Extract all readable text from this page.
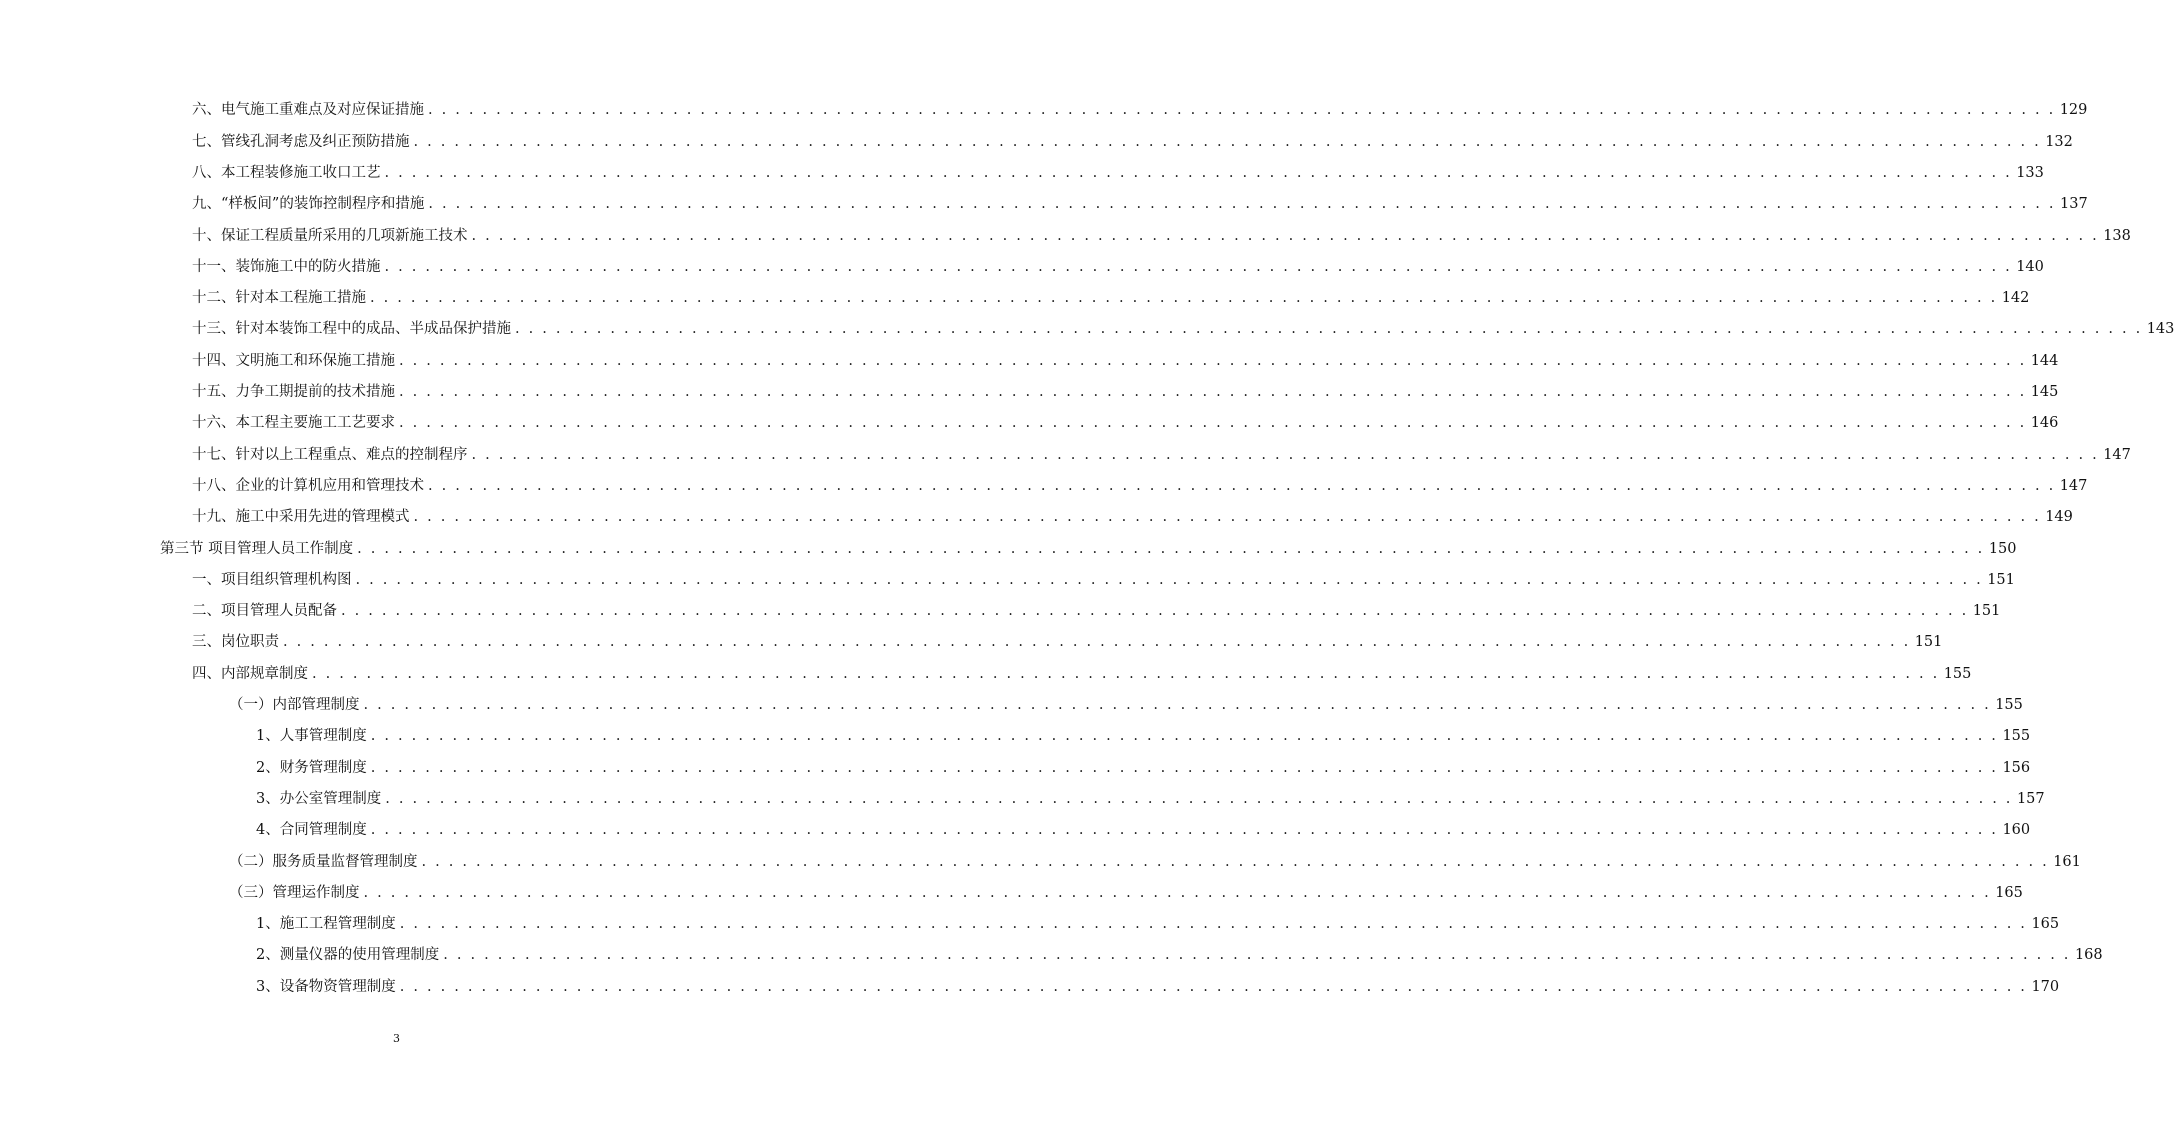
六、电气施工重难点及对应保证措施 . . . . . . . . . . . . . . . . . . . . . . . . . . . . . . . . . . . . . . . . . . . . . . . . . . . . . . . . . . . . . . . . . . . . . . . . . . . . . . . . . . . . . . . . . . . . . . . . . . . . . . . . . . . . . . . . . . . . . . . . 129
七、管线孔洞考虑及纠正预防措施 . . . . . . . . . . . . . . . . . . . . . . . . . . . . . . . . . . . . . . . . . . . . . . . . . . . . . . . . . . . . . . . . . . . . . . . . . . . . . . . . . . . . . . . . . . . . . . . . . . . . . . . . . . . . . . . . . . . . . . . . 132
八、本工程装修施工收口工艺 . . . . . . . . . . . . . . . . . . . . . . . . . . . . . . . . . . . . . . . . . . . . . . . . . . . . . . . . . . . . . . . . . . . . . . . . . . . . . . . . . . . . . . . . . . . . . . . . . . . . . . . . . . . . . . . . . . . . . . . . 133
九、“样板间”的装饰控制程序和措施 . . . . . . . . . . . . . . . . . . . . . . . . . . . . . . . . . . . . . . . . . . . . . . . . . . . . . . . . . . . . . . . . . . . . . . . . . . . . . . . . . . . . . . . . . . . . . . . . . . . . . . . . . . . . . . . . . . . . . . . . 137
十、保证工程质量所采用的几项新施工技术 . . . . . . . . . . . . . . . . . . . . . . . . . . . . . . . . . . . . . . . . . . . . . . . . . . . . . . . . . . . . . . . . . . . . . . . . . . . . . . . . . . . . . . . . . . . . . . . . . . . . . . . . . . . . . . . . . . . . . . . . 138
十一、装饰施工中的防火措施 . . . . . . . . . . . . . . . . . . . . . . . . . . . . . . . . . . . . . . . . . . . . . . . . . . . . . . . . . . . . . . . . . . . . . . . . . . . . . . . . . . . . . . . . . . . . . . . . . . . . . . . . . . . . . . . . . . . . . . . . 140
十二、针对本工程施工措施 . . . . . . . . . . . . . . . . . . . . . . . . . . . . . . . . . . . . . . . . . . . . . . . . . . . . . . . . . . . . . . . . . . . . . . . . . . . . . . . . . . . . . . . . . . . . . . . . . . . . . . . . . . . . . . . . . . . . . . . . 142
十三、针对本装饰工程中的成品、半成品保护措施 . . . . . . . . . . . . . . . . . . . . . . . . . . . . . . . . . . . . . . . . . . . . . . . . . . . . . . . . . . . . . . . . . . . . . . . . . . . . . . . . . . . . . . . . . . . . . . . . . . . . . . . . . . . . . . . . . . . . . . . . 143
十四、文明施工和环保施工措施 . . . . . . . . . . . . . . . . . . . . . . . . . . . . . . . . . . . . . . . . . . . . . . . . . . . . . . . . . . . . . . . . . . . . . . . . . . . . . . . . . . . . . . . . . . . . . . . . . . . . . . . . . . . . . . . . . . . . . . . . 144
十五、力争工期提前的技术措施 . . . . . . . . . . . . . . . . . . . . . . . . . . . . . . . . . . . . . . . . . . . . . . . . . . . . . . . . . . . . . . . . . . . . . . . . . . . . . . . . . . . . . . . . . . . . . . . . . . . . . . . . . . . . . . . . . . . . . . . . 145
十六、本工程主要施工工艺要求 . . . . . . . . . . . . . . . . . . . . . . . . . . . . . . . . . . . . . . . . . . . . . . . . . . . . . . . . . . . . . . . . . . . . . . . . . . . . . . . . . . . . . . . . . . . . . . . . . . . . . . . . . . . . . . . . . . . . . . . . 146
十七、针对以上工程重点、难点的控制程序 . . . . . . . . . . . . . . . . . . . . . . . . . . . . . . . . . . . . . . . . . . . . . . . . . . . . . . . . . . . . . . . . . . . . . . . . . . . . . . . . . . . . . . . . . . . . . . . . . . . . . . . . . . . . . . . . . . . . . . . . 147
十八、企业的计算机应用和管理技术 . . . . . . . . . . . . . . . . . . . . . . . . . . . . . . . . . . . . . . . . . . . . . . . . . . . . . . . . . . . . . . . . . . . . . . . . . . . . . . . . . . . . . . . . . . . . . . . . . . . . . . . . . . . . . . . . . . . . . . . . 147
十九、施工中采用先进的管理模式 . . . . . . . . . . . . . . . . . . . . . . . . . . . . . . . . . . . . . . . . . . . . . . . . . . . . . . . . . . . . . . . . . . . . . . . . . . . . . . . . . . . . . . . . . . . . . . . . . . . . . . . . . . . . . . . . . . . . . . . . 149
第三节 项目管理人员工作制度 . . . . . . . . . . . . . . . . . . . . . . . . . . . . . . . . . . . . . . . . . . . . . . . . . . . . . . . . . . . . . . . . . . . . . . . . . . . . . . . . . . . . . . . . . . . . . . . . . . . . . . . . . . . . . . . . . . . . . . . . 150
一、项目组织管理机构图 . . . . . . . . . . . . . . . . . . . . . . . . . . . . . . . . . . . . . . . . . . . . . . . . . . . . . . . . . . . . . . . . . . . . . . . . . . . . . . . . . . . . . . . . . . . . . . . . . . . . . . . . . . . . . . . . . . . . . . . . 151
二、项目管理人员配备 . . . . . . . . . . . . . . . . . . . . . . . . . . . . . . . . . . . . . . . . . . . . . . . . . . . . . . . . . . . . . . . . . . . . . . . . . . . . . . . . . . . . . . . . . . . . . . . . . . . . . . . . . . . . . . . . . . . . . . . . 151
三、岗位职责 . . . . . . . . . . . . . . . . . . . . . . . . . . . . . . . . . . . . . . . . . . . . . . . . . . . . . . . . . . . . . . . . . . . . . . . . . . . . . . . . . . . . . . . . . . . . . . . . . . . . . . . . . . . . . . . . . . . . . . . . 151
四、内部规章制度 . . . . . . . . . . . . . . . . . . . . . . . . . . . . . . . . . . . . . . . . . . . . . . . . . . . . . . . . . . . . . . . . . . . . . . . . . . . . . . . . . . . . . . . . . . . . . . . . . . . . . . . . . . . . . . . . . . . . . . . . 155
（一）内部管理制度 . . . . . . . . . . . . . . . . . . . . . . . . . . . . . . . . . . . . . . . . . . . . . . . . . . . . . . . . . . . . . . . . . . . . . . . . . . . . . . . . . . . . . . . . . . . . . . . . . . . . . . . . . . . . . . . . . . . . . . . . 155
1、人事管理制度 . . . . . . . . . . . . . . . . . . . . . . . . . . . . . . . . . . . . . . . . . . . . . . . . . . . . . . . . . . . . . . . . . . . . . . . . . . . . . . . . . . . . . . . . . . . . . . . . . . . . . . . . . . . . . . . . . . . . . . . . 155
2、财务管理制度 . . . . . . . . . . . . . . . . . . . . . . . . . . . . . . . . . . . . . . . . . . . . . . . . . . . . . . . . . . . . . . . . . . . . . . . . . . . . . . . . . . . . . . . . . . . . . . . . . . . . . . . . . . . . . . . . . . . . . . . . 156
3、办公室管理制度 . . . . . . . . . . . . . . . . . . . . . . . . . . . . . . . . . . . . . . . . . . . . . . . . . . . . . . . . . . . . . . . . . . . . . . . . . . . . . . . . . . . . . . . . . . . . . . . . . . . . . . . . . . . . . . . . . . . . . . . . 157
4、合同管理制度 . . . . . . . . . . . . . . . . . . . . . . . . . . . . . . . . . . . . . . . . . . . . . . . . . . . . . . . . . . . . . . . . . . . . . . . . . . . . . . . . . . . . . . . . . . . . . . . . . . . . . . . . . . . . . . . . . . . . . . . . 160
（二）服务质量监督管理制度 . . . . . . . . . . . . . . . . . . . . . . . . . . . . . . . . . . . . . . . . . . . . . . . . . . . . . . . . . . . . . . . . . . . . . . . . . . . . . . . . . . . . . . . . . . . . . . . . . . . . . . . . . . . . . . . . . . . . . . . . 161
（三）管理运作制度 . . . . . . . . . . . . . . . . . . . . . . . . . . . . . . . . . . . . . . . . . . . . . . . . . . . . . . . . . . . . . . . . . . . . . . . . . . . . . . . . . . . . . . . . . . . . . . . . . . . . . . . . . . . . . . . . . . . . . . . . 165
1、施工工程管理制度 . . . . . . . . . . . . . . . . . . . . . . . . . . . . . . . . . . . . . . . . . . . . . . . . . . . . . . . . . . . . . . . . . . . . . . . . . . . . . . . . . . . . . . . . . . . . . . . . . . . . . . . . . . . . . . . . . . . . . . . . 165
2、测量仪器的使用管理制度 . . . . . . . . . . . . . . . . . . . . . . . . . . . . . . . . . . . . . . . . . . . . . . . . . . . . . . . . . . . . . . . . . . . . . . . . . . . . . . . . . . . . . . . . . . . . . . . . . . . . . . . . . . . . . . . . . . . . . . . . 168
3、设备物资管理制度 . . . . . . . . . . . . . . . . . . . . . . . . . . . . . . . . . . . . . . . . . . . . . . . . . . . . . . . . . . . . . . . . . . . . . . . . . . . . . . . . . . . . . . . . . . . . . . . . . . . . . . . . . . . . . . . . . . . . . . . . 170
3
